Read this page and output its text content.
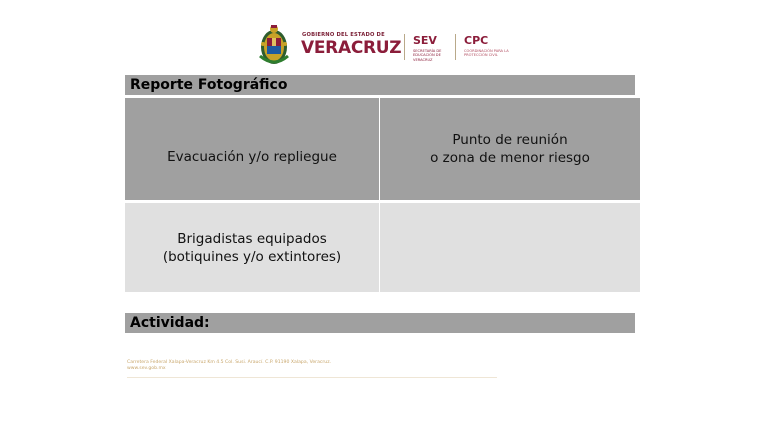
GOBIERNO DEL ESTADO DE
VERACRUZ SEV
SECRETARÍA DE EDUCACIÓN DE VERACRUZ
CPC
COORDINACIÓN PARA LA PROTECCIÓN CIVIL
Reporte Fotográfico
Evacuación y/o repliegue
Punto de reunión
o zona de menor riesgo
Brigadistas equipados
(botiquines y/o extintores)
Actividad:
Carretera Federal Xalapa-Veracruz Km 4.5 Col. Susi. Araucí. C.P. 91190 Xalapa, Veracruz.
www.sev.gob.mx
